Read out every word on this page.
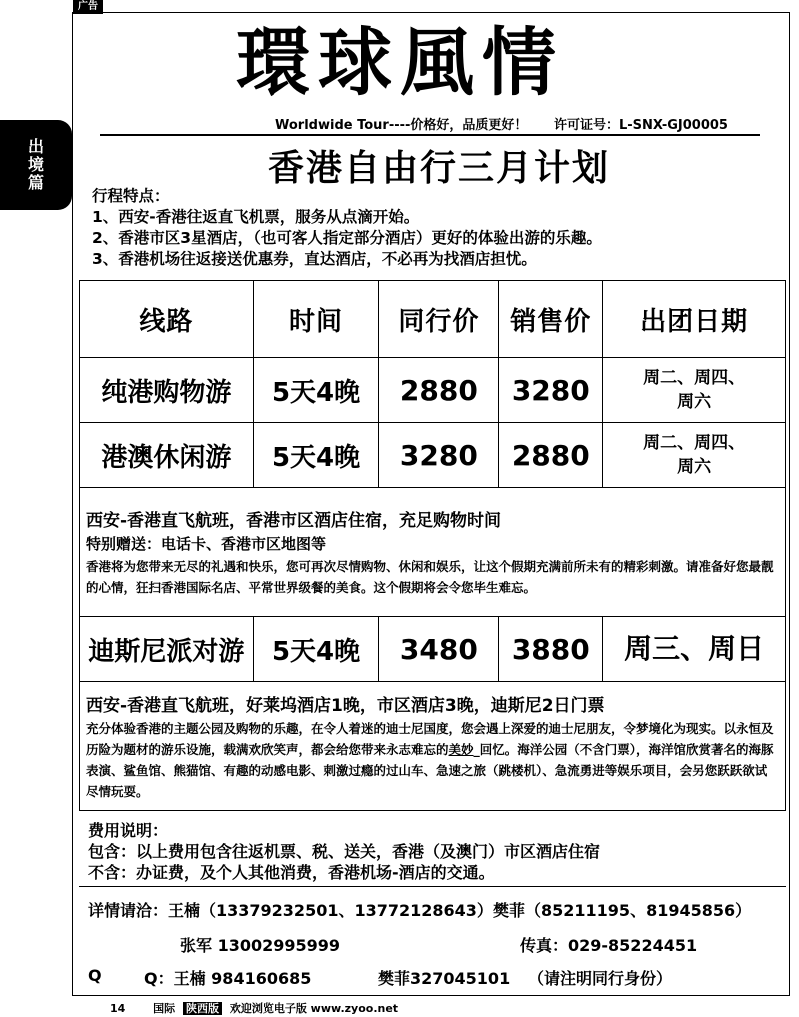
广告
出
境
篇
環球風情
Worldwide Tour----价格好，品质更好！ 许可证号：L-SNX-GJ00005
香港自由行三月计划
行程特点：
1、西安-香港往返直飞机票，服务从点滴开始。
2、香港市区3星酒店，（也可客人指定部分酒店）更好的体验出游的乐趣。
3、香港机场往返接送优惠券，直达酒店，不必再为找酒店担忧。
线路	时间	同行价	销售价	出团日期
纯港购物游	5天4晚	2880	3280	周二、周四、
周六

港澳休闲游	5天4晚	3280	2880	周二、周四、
周六

西安-香港直飞航班，香港市区酒店住宿，充足购物时间
特别赠送：电话卡、香港市区地图等
香港将为您带来无尽的礼遇和快乐，您可再次尽情购物、休闲和娱乐，让这个假期充满前所未有的精彩刺激。请准备好您最靓的心情，狂扫香港国际名店、平常世界级餐的美食。这个假期将会令您毕生难忘。				

迪斯尼派对游	5天4晚	3480	3880	周三、周日

西安-香港直飞航班，好莱坞酒店1晚，市区酒店3晚，迪斯尼2日门票
充分体验香港的主题公园及购物的乐趣，在令人着迷的迪士尼国度，您会遇上深爱的迪士尼朋友，令梦境化为现实。以永恒及历险为题材的游乐设施，载满欢欣笑声，都会给您带来永志难忘的美妙_回忆。海洋公园（不含门票），海洋馆欣赏著名的海豚表演、鲨鱼馆、熊猫馆、有趣的动感电影、刺激过瘾的过山车、急速之旅（跳楼机）、急流勇进等娱乐项目，会另您跃跃欲试尽情玩耍。				
费用说明：
包含：以上费用包含往返机票、税、送关，香港（及澳门）市区酒店住宿
不含：办证费，及个人其他消费，香港机场-酒店的交通。
详情请洽：王楠（13379232501、13772128643） 樊菲（85211195、81945856）
张军 13002995999	传真：029-85224451
Q	Q：王楠 984160685	樊菲327045101 （请注明同行身份）
14	国际 陕西版 欢迎浏览电子版 www.zyoo.net
